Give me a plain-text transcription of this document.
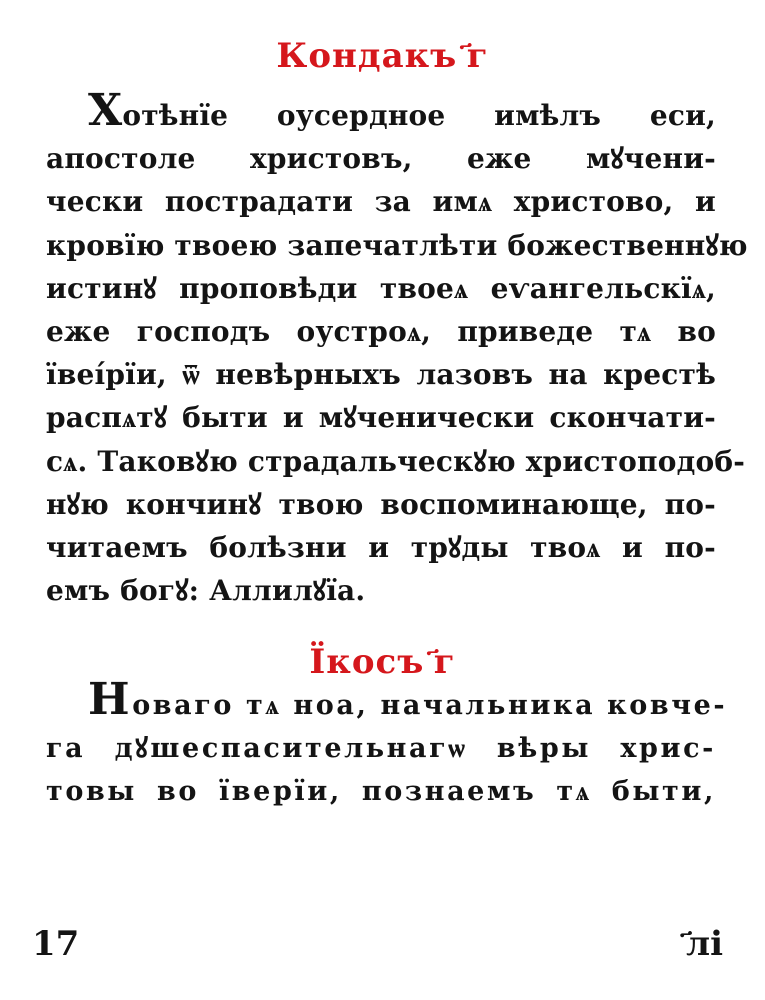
Кондакъ ҃г
Хотѣнїе оусердное имѣлъ еси,
апостоле христовъ, еже мꙋчени-
чески пострадати за имѧ христово, и
кровїю твоею запечатлѣти божественнꙋю
истинꙋ проповѣди твоеѧ еѵангельскїѧ,
еже господъ оустроѧ, приведе тѧ во
ївеі́рїи, ѿ невѣрныхъ лазовъ на крестѣ
распѧтꙋ быти и мꙋченически скончати-
сѧ. Таковꙋю страдальческꙋю христоподоб-
нꙋю кончинꙋ твою воспоминающе, по-
читаемъ болѣзни и трꙋды твоѧ и по-
емъ богꙋ: Аллилꙋїа.
Їкосъ ҃г
Новаго тѧ ноа, начальника ковче-
га дꙋшеспасительнагѡ вѣры хрис-
товы во їверїи, познаемъ тѧ быти,
17	҃лі
